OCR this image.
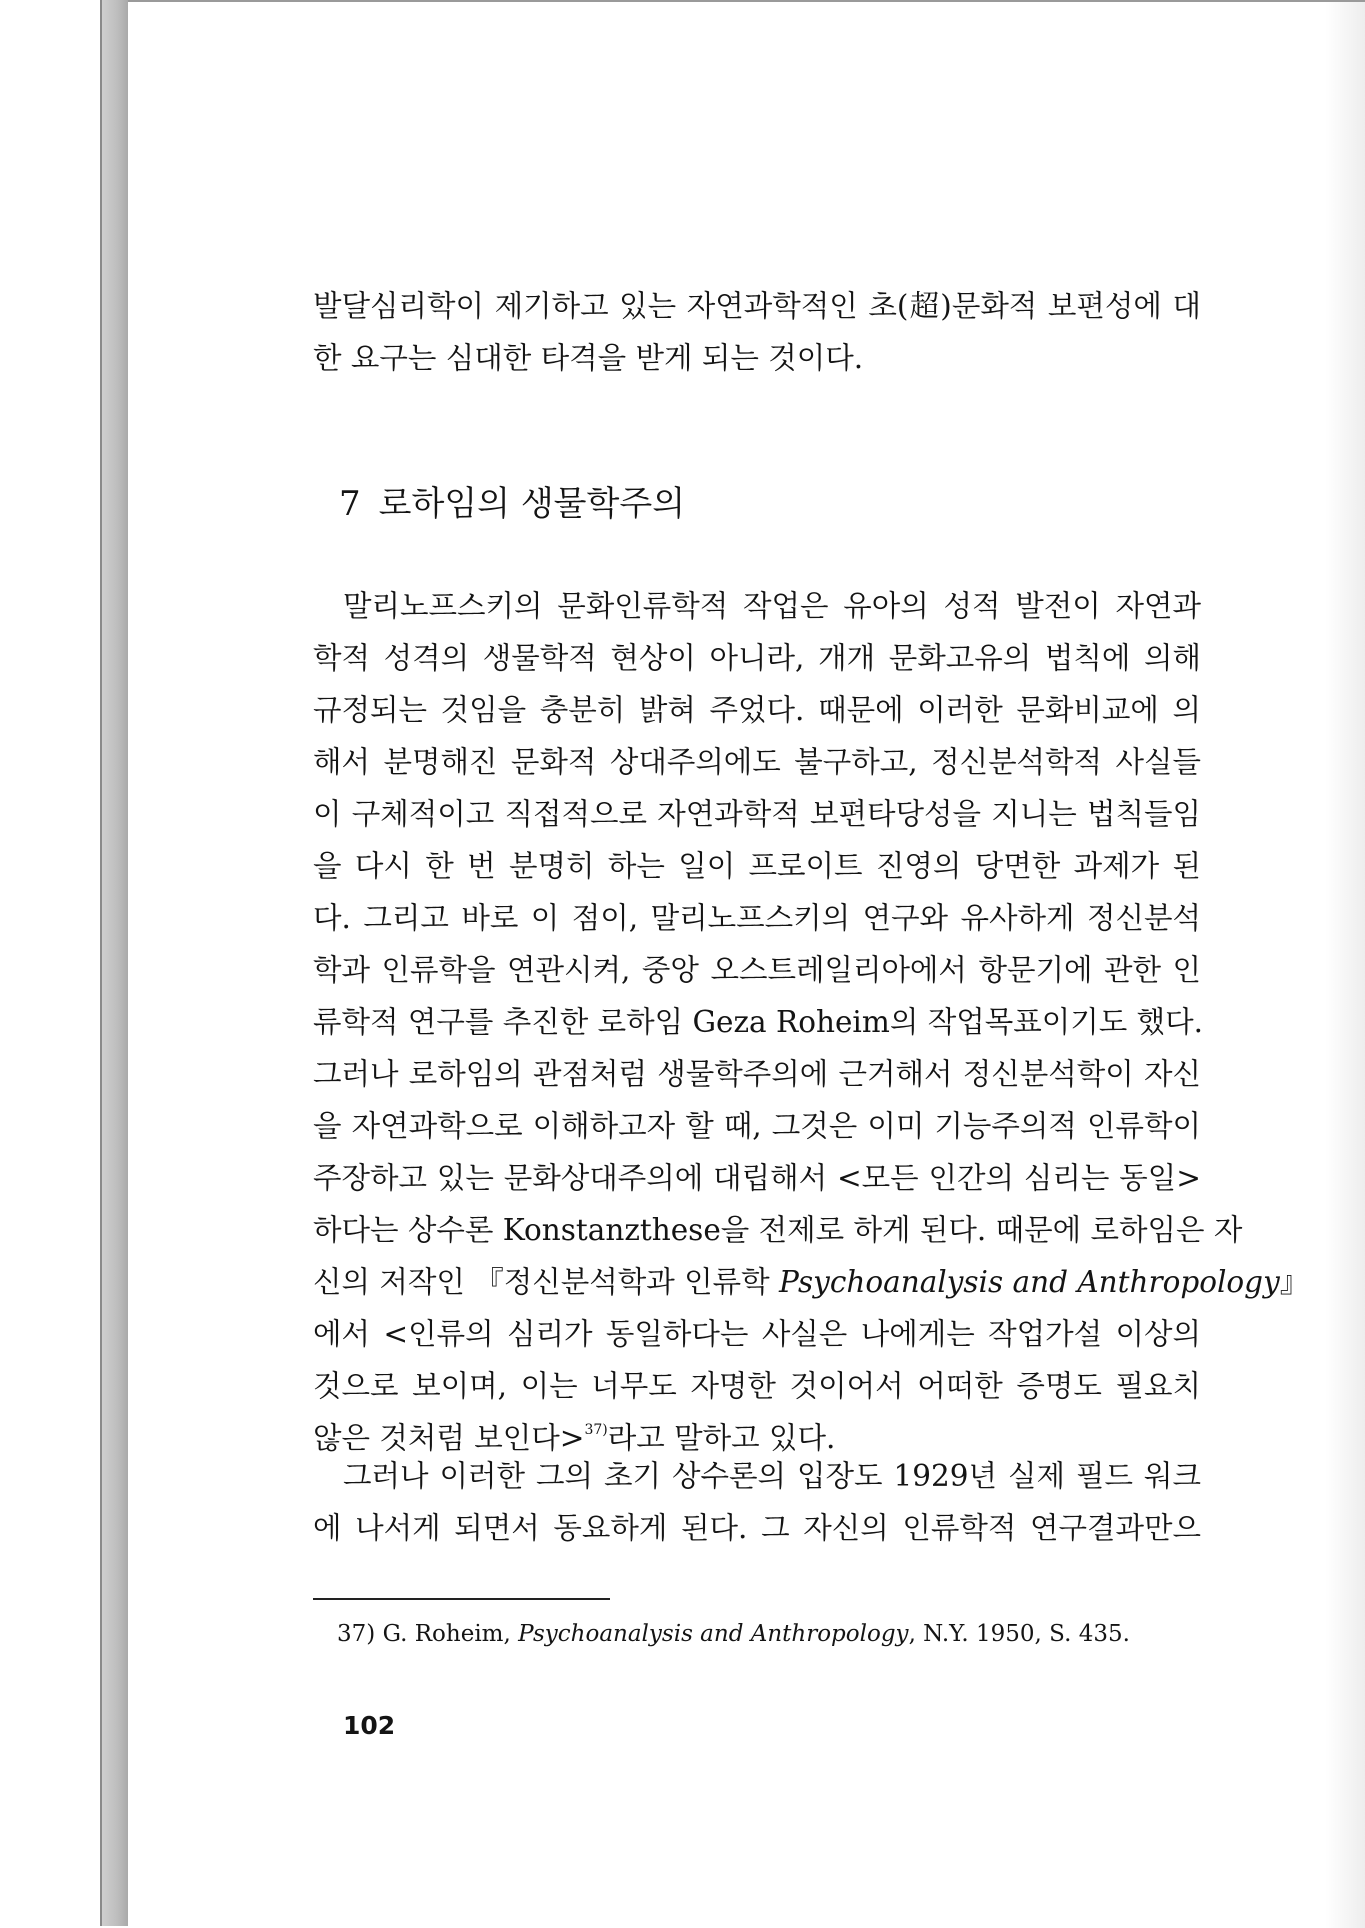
발달심리학이 제기하고 있는 자연과학적인 초(超)문화적 보편성에 대
한 요구는 심대한 타격을 받게 되는 것이다.
7 로하임의 생물학주의
말리노프스키의 문화인류학적 작업은 유아의 성적 발전이 자연과
학적 성격의 생물학적 현상이 아니라, 개개 문화고유의 법칙에 의해
규정되는 것임을 충분히 밝혀 주었다. 때문에 이러한 문화비교에 의
해서 분명해진 문화적 상대주의에도 불구하고, 정신분석학적 사실들
이 구체적이고 직접적으로 자연과학적 보편타당성을 지니는 법칙들임
을 다시 한 번 분명히 하는 일이 프로이트 진영의 당면한 과제가 된
다. 그리고 바로 이 점이, 말리노프스키의 연구와 유사하게 정신분석
학과 인류학을 연관시켜, 중앙 오스트레일리아에서 항문기에 관한 인
류학적 연구를 추진한 로하임 Geza Roheim의 작업목표이기도 했다.
그러나 로하임의 관점처럼 생물학주의에 근거해서 정신분석학이 자신
을 자연과학으로 이해하고자 할 때, 그것은 이미 기능주의적 인류학이
주장하고 있는 문화상대주의에 대립해서 <모든 인간의 심리는 동일>
하다는 상수론 Konstanzthese을 전제로 하게 된다. 때문에 로하임은 자
신의 저작인 『정신분석학과 인류학 Psychoanalysis and Anthropology』
에서 <인류의 심리가 동일하다는 사실은 나에게는 작업가설 이상의
것으로 보이며, 이는 너무도 자명한 것이어서 어떠한 증명도 필요치
않은 것처럼 보인다>$^{37)}$라고 말하고 있다.
그러나 이러한 그의 초기 상수론의 입장도 1929년 실제 필드 워크
에 나서게 되면서 동요하게 된다. 그 자신의 인류학적 연구결과만으
37) G. Roheim, Psychoanalysis and Anthropology, N.Y. 1950, S. 435.
102
